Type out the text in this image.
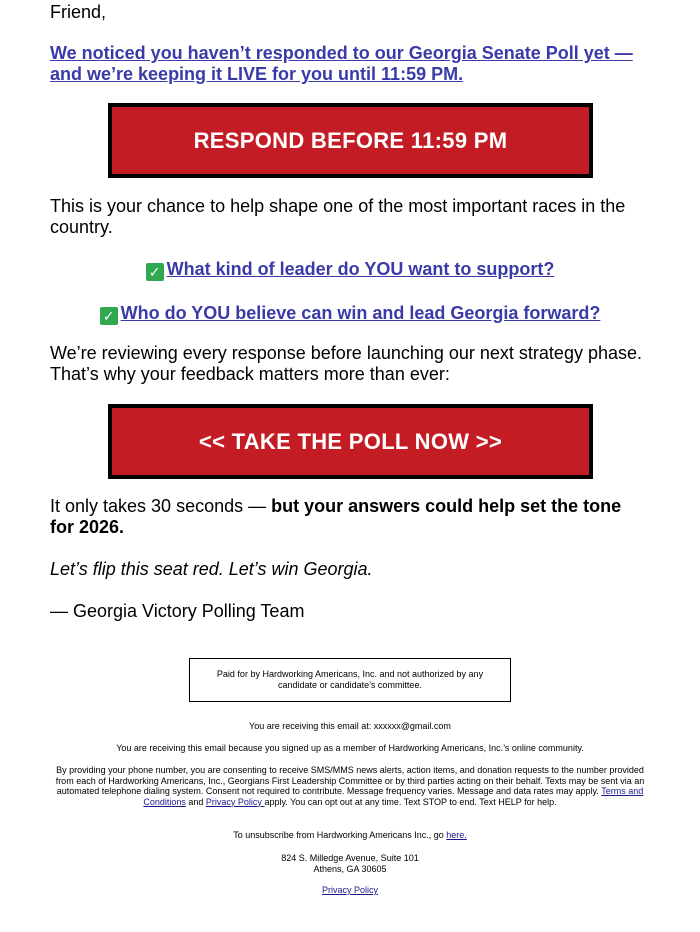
Friend,
We noticed you haven’t responded to our Georgia Senate Poll yet — and we’re keeping it LIVE for you until 11:59 PM.
RESPOND BEFORE 11:59 PM
This is your chance to help shape one of the most important races in the country.
✓ What kind of leader do YOU want to support?
✓ Who do YOU believe can win and lead Georgia forward?
We’re reviewing every response before launching our next strategy phase. That’s why your feedback matters more than ever:
<< TAKE THE POLL NOW >>
It only takes 30 seconds — but your answers could help set the tone for 2026.
Let’s flip this seat red. Let’s win Georgia.
— Georgia Victory Polling Team
Paid for by Hardworking Americans, Inc. and not authorized by any candidate or candidate’s committee.
You are receiving this email at: xxxxxx@gmail.com
You are receiving this email because you signed up as a member of Hardworking Americans, Inc.’s online community.
By providing your phone number, you are consenting to receive SMS/MMS news alerts, action items, and donation requests to the number provided from each of Hardworking Americans, Inc., Georgians First Leadership Committee or by third parties acting on their behalf. Texts may be sent via an automated telephone dialing system. Consent not required to contribute. Message frequency varies. Message and data rates may apply. Terms and Conditions and Privacy Policy apply. You can opt out at any time. Text STOP to end. Text HELP for help.
To unsubscribe from Hardworking Americans Inc., go here.
824 S. Milledge Avenue, Suite 101
Athens, GA 30605
Privacy Policy
